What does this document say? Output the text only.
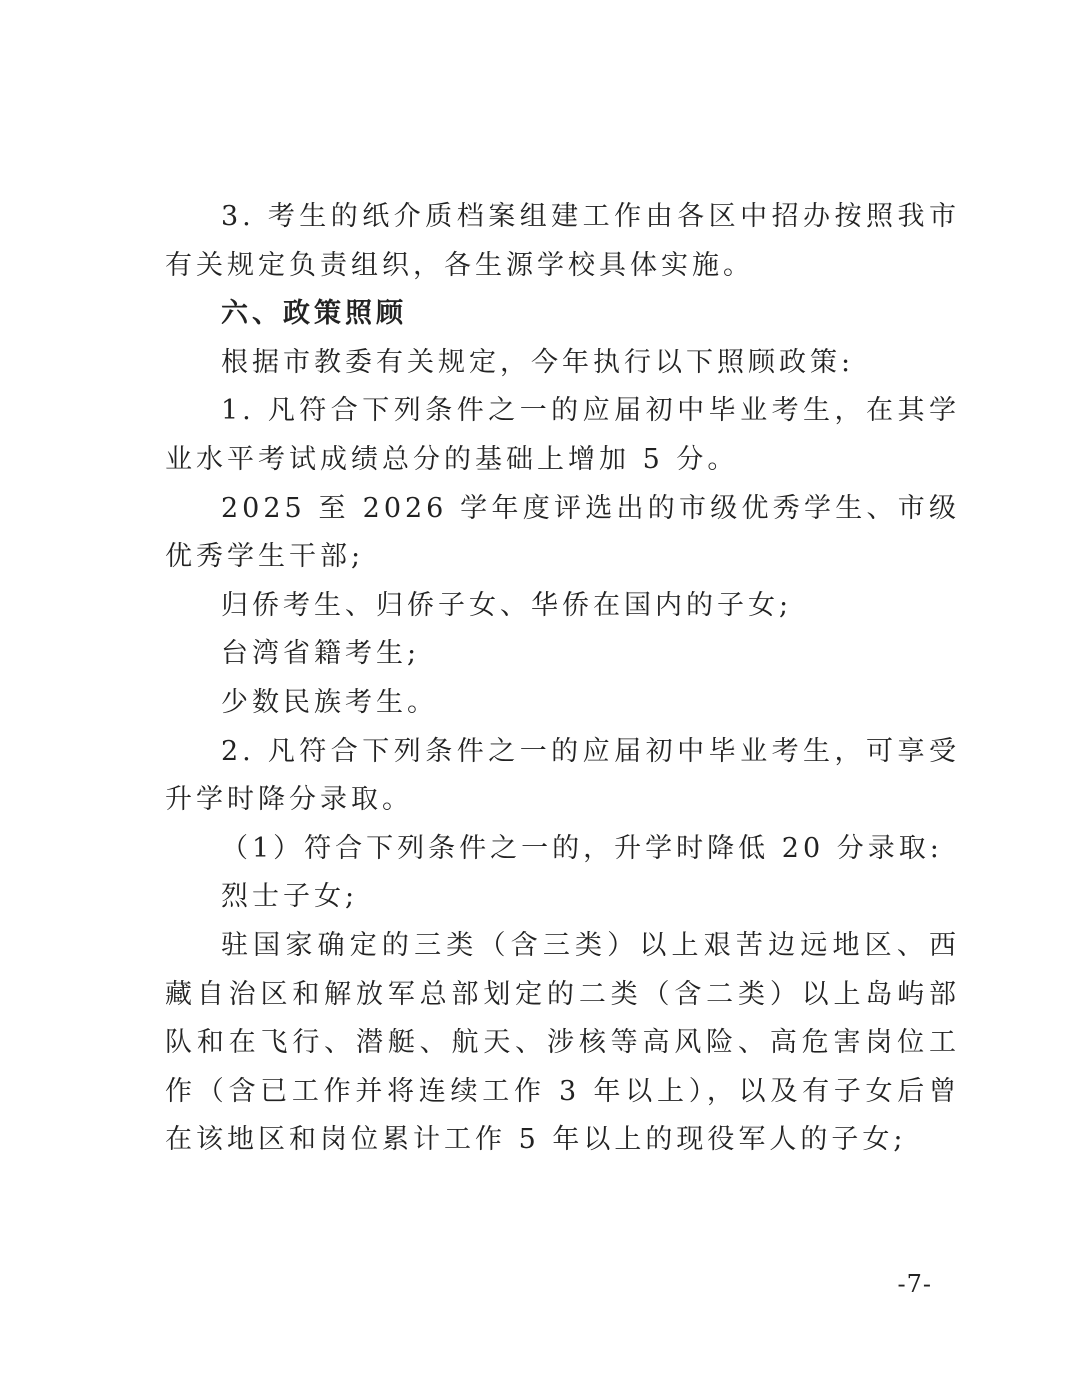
3. 考生的纸介质档案组建工作由各区中招办按照我市有关规定负责组织，各生源学校具体实施。

六、政策照顾

根据市教委有关规定，今年执行以下照顾政策:

1. 凡符合下列条件之一的应届初中毕业考生，在其学业水平考试成绩总分的基础上增加 5 分。

2025 至 2026 学年度评选出的市级优秀学生、市级优秀学生干部;

归侨考生、归侨子女、华侨在国内的子女;

台湾省籍考生;

少数民族考生。

2. 凡符合下列条件之一的应届初中毕业考生，可享受升学时降分录取。

（1）符合下列条件之一的，升学时降低 20 分录取:

烈士子女;

驻国家确定的三类（含三类）以上艰苦边远地区、西藏自治区和解放军总部划定的二类（含二类）以上岛屿部队和在飞行、潜艇、航天、涉核等高风险、高危害岗位工作（含已工作并将连续工作 3 年以上），以及有子女后曾在该地区和岗位累计工作 5 年以上的现役军人的子女;

-7-
